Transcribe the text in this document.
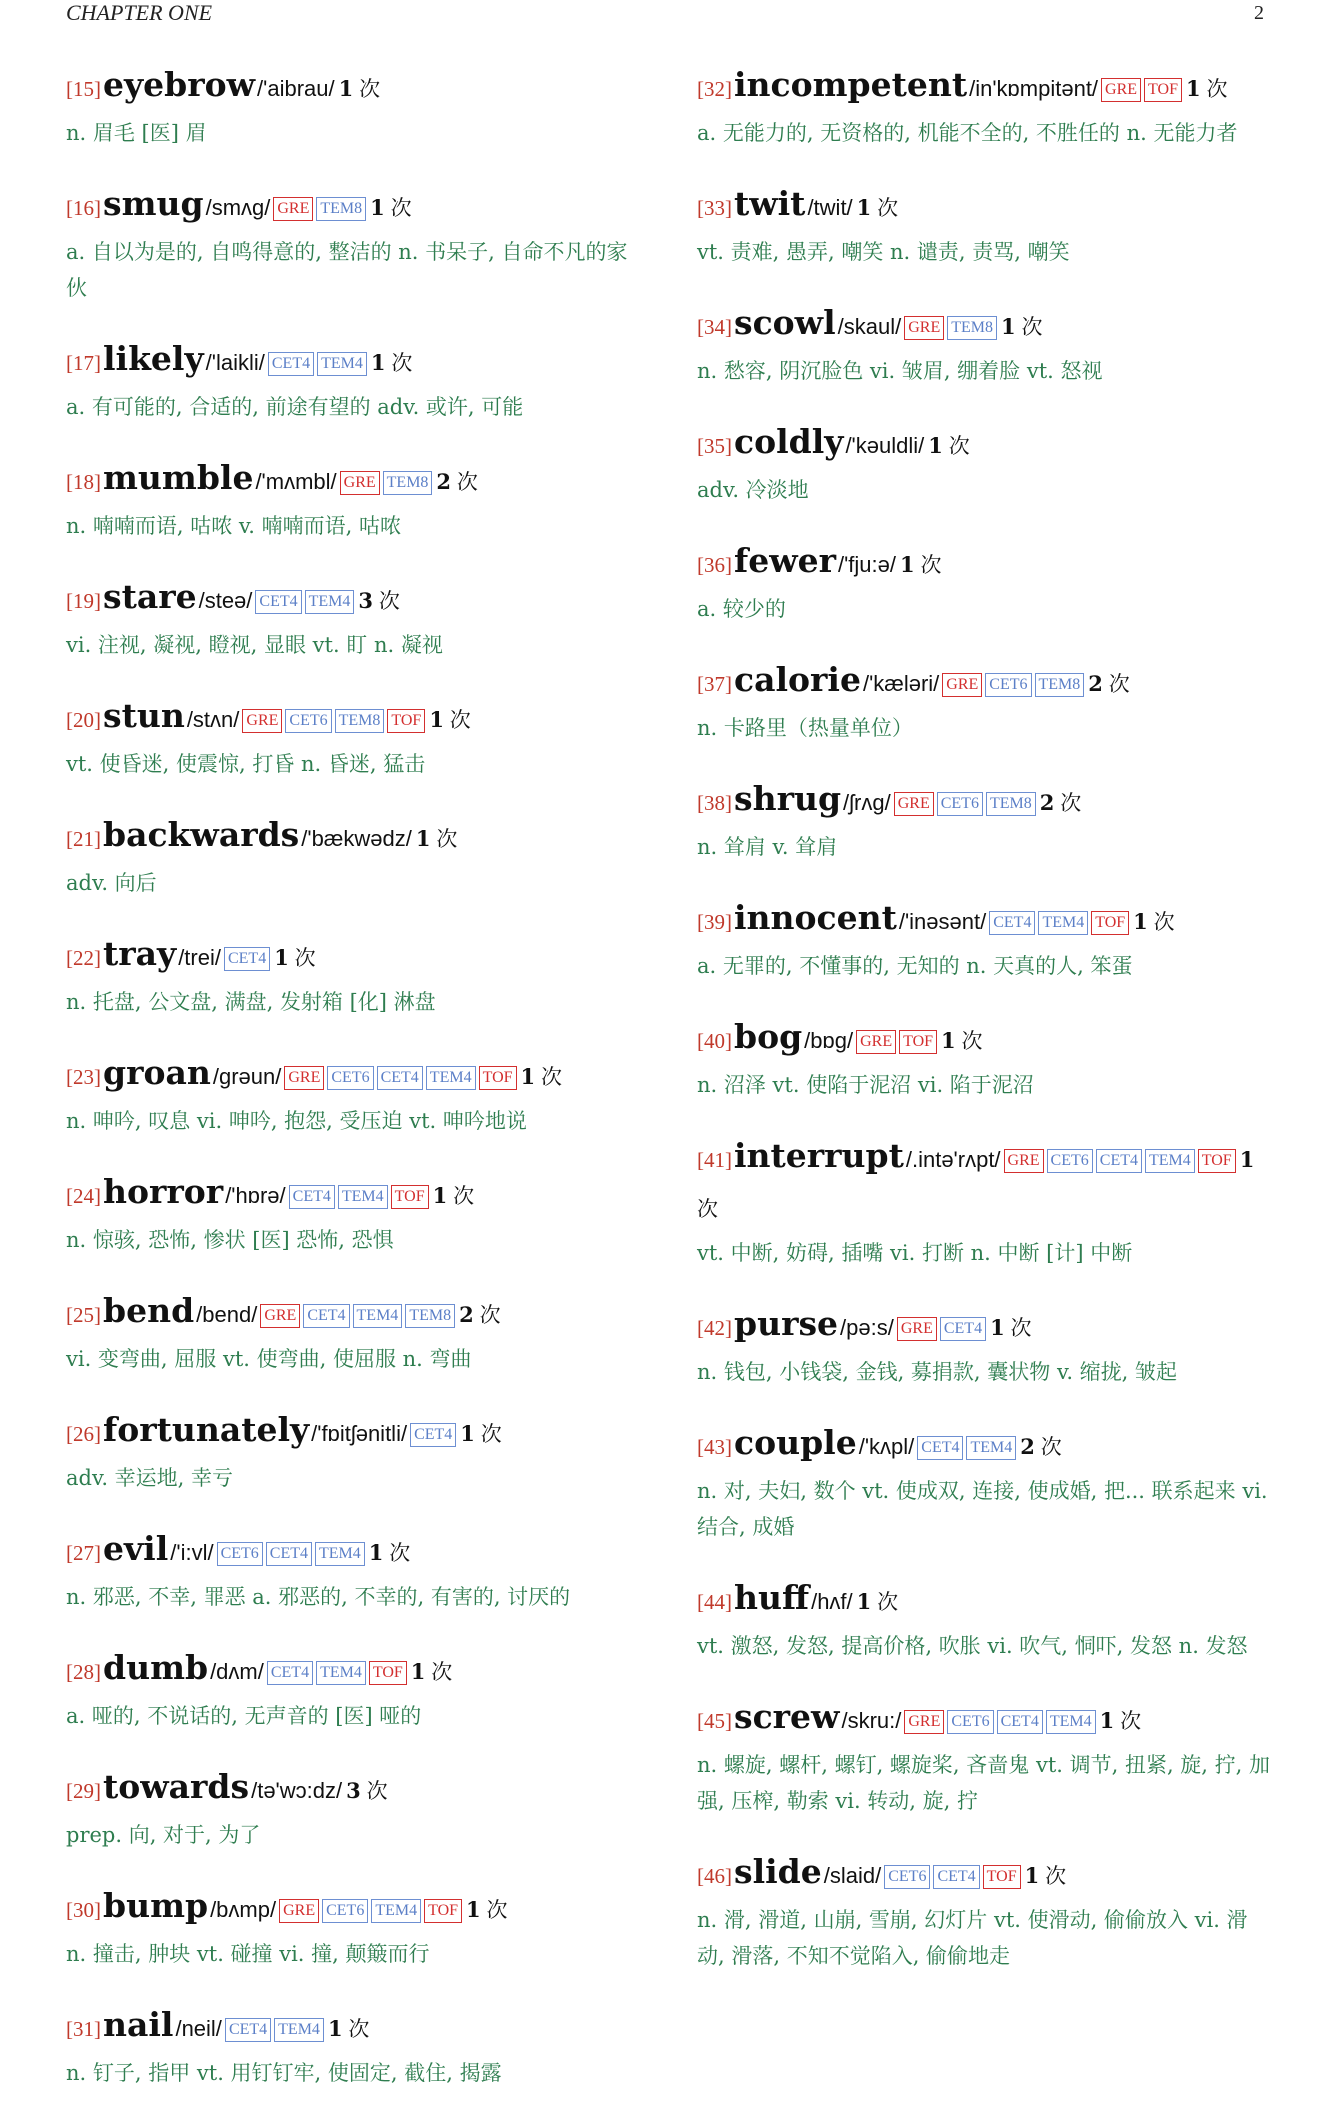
CHAPTER ONE	2
[15]eyebrow/'aibrau/ 1 次
n. 眉毛 [医] 眉
[16]smug/smʌg/ GRE TEM8 1 次
a. 自以为是的, 自鸣得意的, 整洁的 n. 书呆子, 自命不凡的家伙
[17]likely/'laikli/ CET4 TEM4 1 次
a. 有可能的, 合适的, 前途有望的 adv. 或许, 可能
[18]mumble/'mʌmbl/ GRE TEM8 2 次
n. 喃喃而语, 咕哝 v. 喃喃而语, 咕哝
[19]stare/steə/ CET4 TEM4 3 次
vi. 注视, 凝视, 瞪视, 显眼 vt. 盯 n. 凝视
[20]stun/stʌn/ GRE CET6 TEM8 TOF 1 次
vt. 使昏迷, 使震惊, 打昏 n. 昏迷, 猛击
[21]backwards/'bækwədz/ 1 次
adv. 向后
[22]tray/trei/ CET4 1 次
n. 托盘, 公文盘, 满盘, 发射箱 [化] 淋盘
[23]groan/grəun/ GRE CET6 CET4 TEM4 TOF 1 次
n. 呻吟, 叹息 vi. 呻吟, 抱怨, 受压迫 vt. 呻吟地说
[24]horror/'hɒrə/ CET4 TEM4 TOF 1 次
n. 惊骇, 恐怖, 惨状 [医] 恐怖, 恐惧
[25]bend/bend/ GRE CET4 TEM4 TEM8 2 次
vi. 变弯曲, 屈服 vt. 使弯曲, 使屈服 n. 弯曲
[26]fortunately/'fɒitʃənitli/ CET4 1 次
adv. 幸运地, 幸亏
[27]evil/'i:vl/ CET6 CET4 TEM4 1 次
n. 邪恶, 不幸, 罪恶 a. 邪恶的, 不幸的, 有害的, 讨厌的
[28]dumb/dʌm/ CET4 TEM4 TOF 1 次
a. 哑的, 不说话的, 无声音的 [医] 哑的
[29]towards/tə'wɔ:dz/ 3 次
prep. 向, 对于, 为了
[30]bump/bʌmp/ GRE CET6 TEM4 TOF 1 次
n. 撞击, 肿块 vt. 碰撞 vi. 撞, 颠簸而行
[31]nail/neil/ CET4 TEM4 1 次
n. 钉子, 指甲 vt. 用钉钉牢, 使固定, 截住, 揭露
[32]incompetent/in'kɒmpitənt/ GRE TOF 1 次
a. 无能力的, 无资格的, 机能不全的, 不胜任的 n. 无能力者
[33]twit/twit/ 1 次
vt. 责难, 愚弄, 嘲笑 n. 谴责, 责骂, 嘲笑
[34]scowl/skaul/ GRE TEM8 1 次
n. 愁容, 阴沉脸色 vi. 皱眉, 绷着脸 vt. 怒视
[35]coldly/'kəuldli/ 1 次
adv. 冷淡地
[36]fewer/'fju:ə/ 1 次
a. 较少的
[37]calorie/'kæləri/ GRE CET6 TEM8 2 次
n. 卡路里（热量单位）
[38]shrug/ʃrʌg/ GRE CET6 TEM8 2 次
n. 耸肩 v. 耸肩
[39]innocent/'inəsənt/ CET4 TEM4 TOF 1 次
a. 无罪的, 不懂事的, 无知的 n. 天真的人, 笨蛋
[40]bog/bɒg/ GRE TOF 1 次
n. 沼泽 vt. 使陷于泥沼 vi. 陷于泥沼
[41]interrupt/.intə'rʌpt/ GRE CET6 CET4 TEM4 TOF 1 次
vt. 中断, 妨碍, 插嘴 vi. 打断 n. 中断 [计] 中断
[42]purse/pə:s/ GRE CET4 1 次
n. 钱包, 小钱袋, 金钱, 募捐款, 囊状物 v. 缩拢, 皱起
[43]couple/'kʌpl/ CET4 TEM4 2 次
n. 对, 夫妇, 数个 vt. 使成双, 连接, 使成婚, 把... 联系起来 vi. 结合, 成婚
[44]huff/hʌf/ 1 次
vt. 激怒, 发怒, 提高价格, 吹胀 vi. 吹气, 恫吓, 发怒 n. 发怒
[45]screw/skru:/ GRE CET6 CET4 TEM4 1 次
n. 螺旋, 螺杆, 螺钉, 螺旋桨, 吝啬鬼 vt. 调节, 扭紧, 旋, 拧, 加强, 压榨, 勒索 vi. 转动, 旋, 拧
[46]slide/slaid/ CET6 CET4 TOF 1 次
n. 滑, 滑道, 山崩, 雪崩, 幻灯片 vt. 使滑动, 偷偷放入 vi. 滑动, 滑落, 不知不觉陷入, 偷偷地走
